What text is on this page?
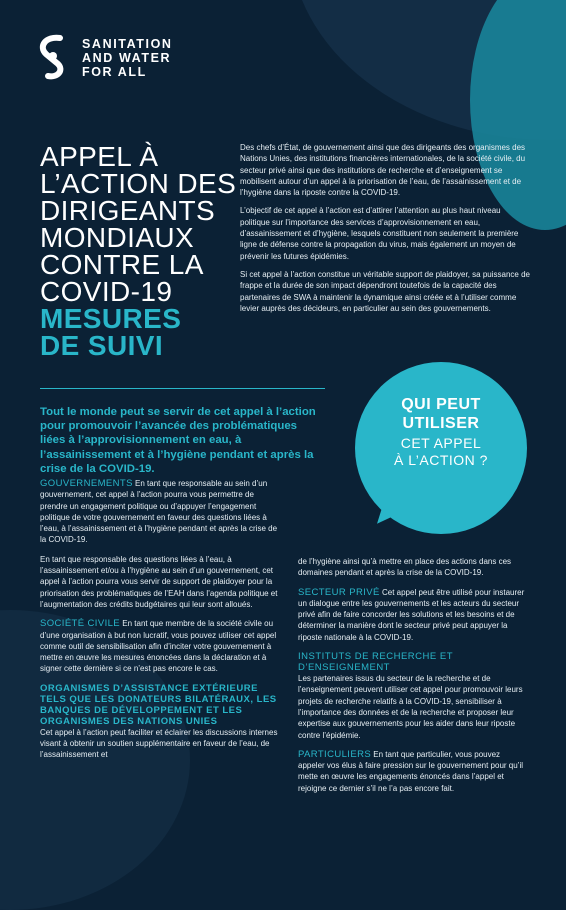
SANITATION
AND WATER
FOR ALL
APPEL À
L’ACTION DES
DIRIGEANTS
MONDIAUX
CONTRE LA
COVID-19
MESURES
DE SUIVI

Des chefs d’État, de gouvernement ainsi que des dirigeants des organismes des Nations Unies, des institutions financières internationales, de la société civile, du secteur privé ainsi que des institutions de recherche et d’enseignement se mobilisent autour d’un appel à la priorisation de l’eau, de l’assainissement et de l’hygiène dans la riposte contre la COVID-19.

L’objectif de cet appel à l’action est d’attirer l’attention au plus haut niveau politique sur l’importance des services d’approvisionnement en eau, d’assainissement et d’hygiène, lesquels constituent non seulement la première ligne de défense contre la propagation du virus, mais également un moyen de prévenir les futures épidémies.

Si cet appel à l’action constitue un véritable support de plaidoyer, sa puissance de frappe et la durée de son impact dépendront toutefois de la capacité des partenaires de SWA à maintenir la dynamique ainsi créée et à l’utiliser comme levier auprès des décideurs, en particulier au sein des gouvernements.

Tout le monde peut se servir de cet appel à l’action pour promouvoir l’avancée des problématiques liées à l’approvisionnement en eau, à l’assainissement et à l’hygiène pendant et après la crise de la COVID-19.
QUI PEUT
UTILISER
CET APPEL
À L’ACTION ?

GOUVERNEMENTS En tant que responsable au sein d’un gouvernement, cet appel à l’action pourra vous permettre de prendre un engagement politique ou d’appuyer l’engagement politique de votre gouvernement en faveur des questions liées à l’eau, à l’assainissement et à l’hygiène pendant et après la crise de la COVID-19.

En tant que responsable des questions liées à l’eau, à l’assainissement et/ou à l’hygiène au sein d’un gouvernement, cet appel à l’action pourra vous servir de support de plaidoyer pour la priorisation des problématiques de l’EAH dans l’agenda politique et l’augmentation des crédits budgétaires qui leur sont alloués.

SOCIÉTÉ CIVILE En tant que membre de la société civile ou d’une organisation à but non lucratif, vous pouvez utiliser cet appel comme outil de sensibilisation afin d’inciter votre gouvernement à mettre en œuvre les mesures énoncées dans la déclaration et à signer cette dernière si ce n’est pas encore le cas.

ORGANISMES D’ASSISTANCE EXTÉRIEURE TELS QUE LES DONATEURS BILATÉRAUX, LES BANQUES DE DÉVELOPPEMENT ET LES ORGANISMES DES NATIONS UNIES
Cet appel à l’action peut faciliter et éclairer les discussions internes visant à obtenir un soutien supplémentaire en faveur de l’eau, de l’assainissement et

de l’hygiène ainsi qu’à mettre en place des actions dans ces domaines pendant et après la crise de la COVID-19.

SECTEUR PRIVÉ Cet appel peut être utilisé pour instaurer un dialogue entre les gouvernements et les acteurs du secteur privé afin de faire concorder les solutions et les besoins et de déterminer la manière dont le secteur privé peut appuyer la riposte nationale à la COVID-19.

INSTITUTS DE RECHERCHE ET D’ENSEIGNEMENT
Les partenaires issus du secteur de la recherche et de l’enseignement peuvent utiliser cet appel pour promouvoir leurs projets de recherche relatifs à la COVID-19, sensibiliser à l’importance des données et de la recherche et proposer leur expertise aux gouvernements pour les aider dans leur riposte contre l’épidémie.

PARTICULIERS En tant que particulier, vous pouvez appeler vos élus à faire pression sur le gouvernement pour qu’il mette en œuvre les engagements énoncés dans l’appel et rejoigne ce dernier s’il ne l’a pas encore fait.
